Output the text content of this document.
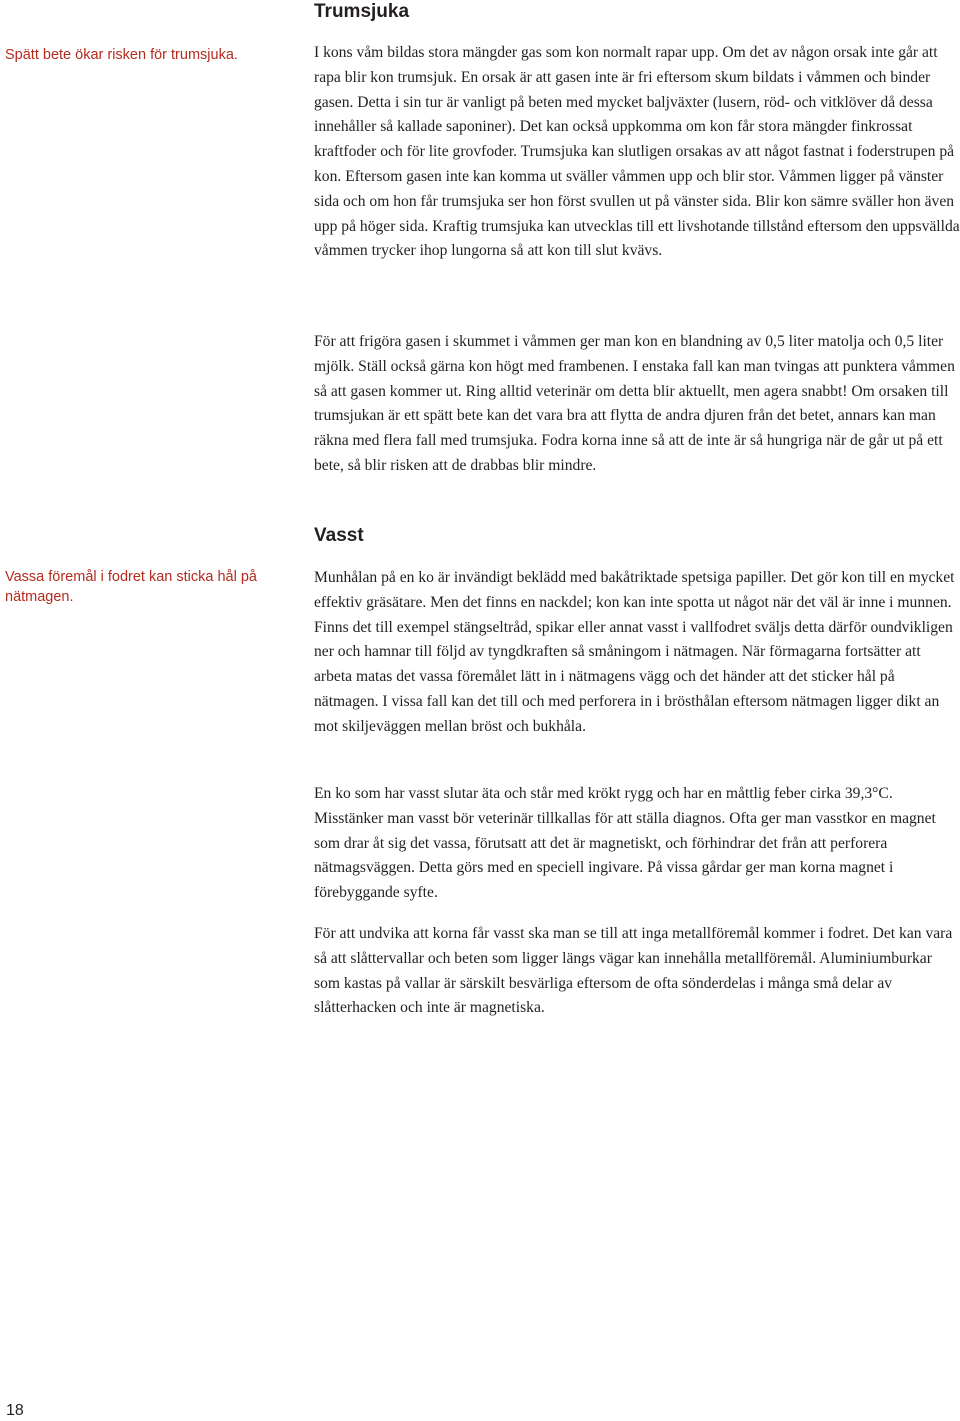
Spätt bete ökar risken för trumsjuka.
Vassa föremål i fodret kan sticka hål på nätmagen.
Trumsjuka

I kons våm bildas stora mängder gas som kon normalt rapar upp. Om det av någon orsak inte går att rapa blir kon trumsjuk. En orsak är att gasen inte är fri eftersom skum bildats i våmmen och binder gasen. Detta i sin tur är vanligt på beten med mycket baljväxter (lusern, röd- och vitklöver då dessa innehåller så kallade saponiner). Det kan också uppkomma om kon får stora mängder finkrossat kraftfoder och för lite grovfoder. Trumsjuka kan slutligen orsakas av att något fastnat i foderstrupen på kon. Eftersom gasen inte kan komma ut sväller våmmen upp och blir stor. Våmmen ligger på vänster sida och om hon får trumsjuka ser hon först svullen ut på vänster sida. Blir kon sämre sväller hon även upp på höger sida. Kraftig trumsjuka kan utvecklas till ett livshotande tillstånd eftersom den uppsvällda våmmen trycker ihop lungorna så att kon till slut kvävs.

För att frigöra gasen i skummet i våmmen ger man kon en blandning av 0,5 liter matolja och 0,5 liter mjölk. Ställ också gärna kon högt med frambenen. I enstaka fall kan man tvingas att punktera våmmen så att gasen kommer ut. Ring alltid veterinär om detta blir aktuellt, men agera snabbt! Om orsaken till trumsjukan är ett spätt bete kan det vara bra att flytta de andra djuren från det betet, annars kan man räkna med flera fall med trumsjuka. Fodra korna inne så att de inte är så hungriga när de går ut på ett bete, så blir risken att de drabbas blir mindre.

Vasst

Munhålan på en ko är invändigt beklädd med bakåtriktade spetsiga papiller. Det gör kon till en mycket effektiv gräsätare. Men det finns en nackdel; kon kan inte spotta ut något när det väl är inne i munnen. Finns det till exempel stängseltråd, spikar eller annat vasst i vallfodret sväljs detta därför oundvikligen ner och hamnar till följd av tyngdkraften så småningom i nätmagen. När förmagarna fortsätter att arbeta matas det vassa föremålet lätt in i nätmagens vägg och det händer att det sticker hål på nätmagen. I vissa fall kan det till och med perforera in i brösthålan eftersom nätmagen ligger dikt an mot skiljeväggen mellan bröst och bukhåla.

En ko som har vasst slutar äta och står med krökt rygg och har en måttlig feber cirka 39,3°C. Misstänker man vasst bör veterinär tillkallas för att ställa diagnos. Ofta ger man vasstkor en magnet som drar åt sig det vassa, förutsatt att det är magnetiskt, och förhindrar det från att perforera nätmagsväggen. Detta görs med en speciell ingivare. På vissa gårdar ger man korna magnet i förebyggande syfte.

För att undvika att korna får vasst ska man se till att inga metallföremål kommer i fodret. Det kan vara så att slåttervallar och beten som ligger längs vägar kan innehålla metallföremål. Aluminiumburkar som kastas på vallar är särskilt besvärliga eftersom de ofta sönderdelas i många små delar av slåtterhacken och inte är magnetiska.

18
